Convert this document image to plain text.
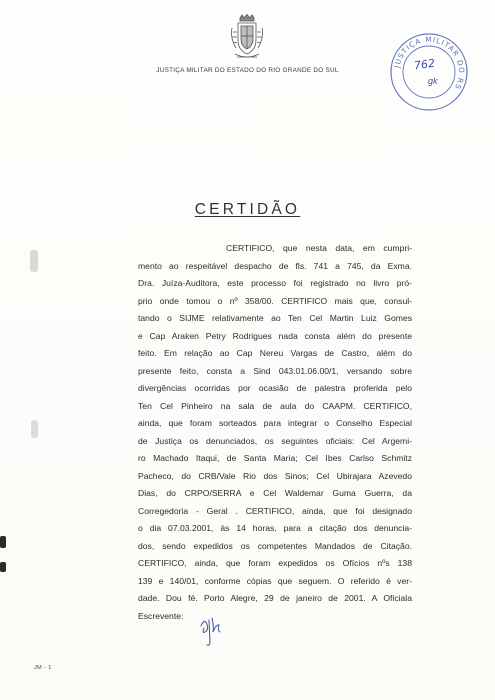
JUSTIÇA MILITAR DO ESTADO DO RIO GRANDE DO SUL
JUSTIÇA MILITAR DO RS
762
gk
CERTIDÃO
CERTIFICO, que nesta data, em cumpri-
mento ao respeitável despacho de fls. 741 a 745, da Exma.
Dra. Juíza-Auditora, este processo foi registrado no livro pró-
prio onde tomou o nº 358/00. CERTIFICO mais que, consul-
tando o SIJME relativamente ao Ten Cel Martin Luiz Gomes
e Cap Araken Petry Rodrigues nada consta além do presente
feito. Em relação ao Cap Nereu Vargas de Castro, além do
presente feito, consta a Sind 043.01.06.00/1, versando sobre
divergências ocorridas por ocasião de palestra proferida pelo
Ten Cel Pinheiro na sala de aula do CAAPM. CERTIFICO,
ainda, que foram sorteados para integrar o Conselho Especial
de Justiça os denunciados, os seguintes oficiais: Cel Argemi-
ro Machado Itaqui, de Santa Maria; Cel Ibes Carlso Schmitz
Pacheco, do CRB/Vale Rio dos Sinos; Cel Ubirajara Azevedo
Dias, do CRPO/SERRA e Cel Waldemar Guma Guerra, da
Corregedoria - Geral . CERTIFICO, ainda, que foi designado
o dia 07.03.2001, às 14 horas, para a citação dos denuncia-
dos, sendo expedidos os competentes Mandados de Citação.
CERTIFICO, ainda, que foram expedidos os Ofícios nºs 138
139 e 140/01, conforme cópias que seguem. O referido é ver-
dade. Dou fé. Porto Alegre, 29 de janeiro de 2001. A Oficiala
Escrevente:
JM - 1
